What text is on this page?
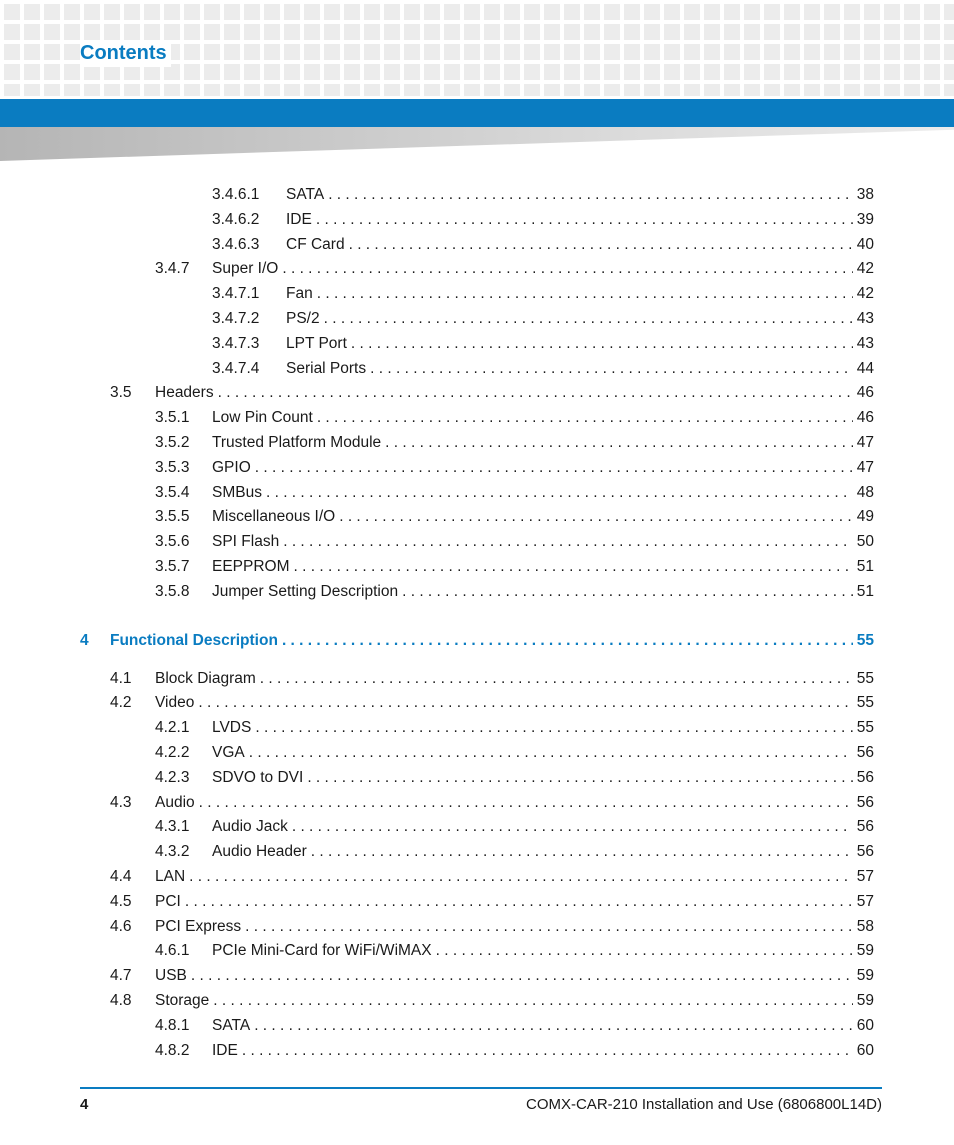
Contents
3.4.6.1 SATA . . .	38
3.4.6.2 IDE . . .	39
3.4.6.3 CF Card . . .	40
3.4.7 Super I/O . . .	42
3.4.7.1 Fan . . .	42
3.4.7.2 PS/2 . . .	43
3.4.7.3 LPT Port . . .	43
3.4.7.4 Serial Ports . . .	44
3.5 Headers . . .	46
3.5.1 Low Pin Count . . .	46
3.5.2 Trusted Platform Module . . .	47
3.5.3 GPIO . . .	47
3.5.4 SMBus . . .	48
3.5.5 Miscellaneous I/O . . .	49
3.5.6 SPI Flash . . .	50
3.5.7 EEPPROM . . .	51
3.5.8 Jumper Setting Description . . .	51
4 Functional Description . . .	55
4.1 Block Diagram . . .	55
4.2 Video . . .	55
4.2.1 LVDS . . .	55
4.2.2 VGA . . .	56
4.2.3 SDVO to DVI . . .	56
4.3 Audio . . .	56
4.3.1 Audio Jack . . .	56
4.3.2 Audio Header . . .	56
4.4 LAN . . .	57
4.5 PCI . . .	57
4.6 PCI Express . . .	58
4.6.1 PCIe Mini-Card for WiFi/WiMAX . . .	59
4.7 USB . . .	59
4.8 Storage . . .	59
4.8.1 SATA . . .	60
4.8.2 IDE . . .	60
4	COMX-CAR-210 Installation and Use (6806800L14D)
